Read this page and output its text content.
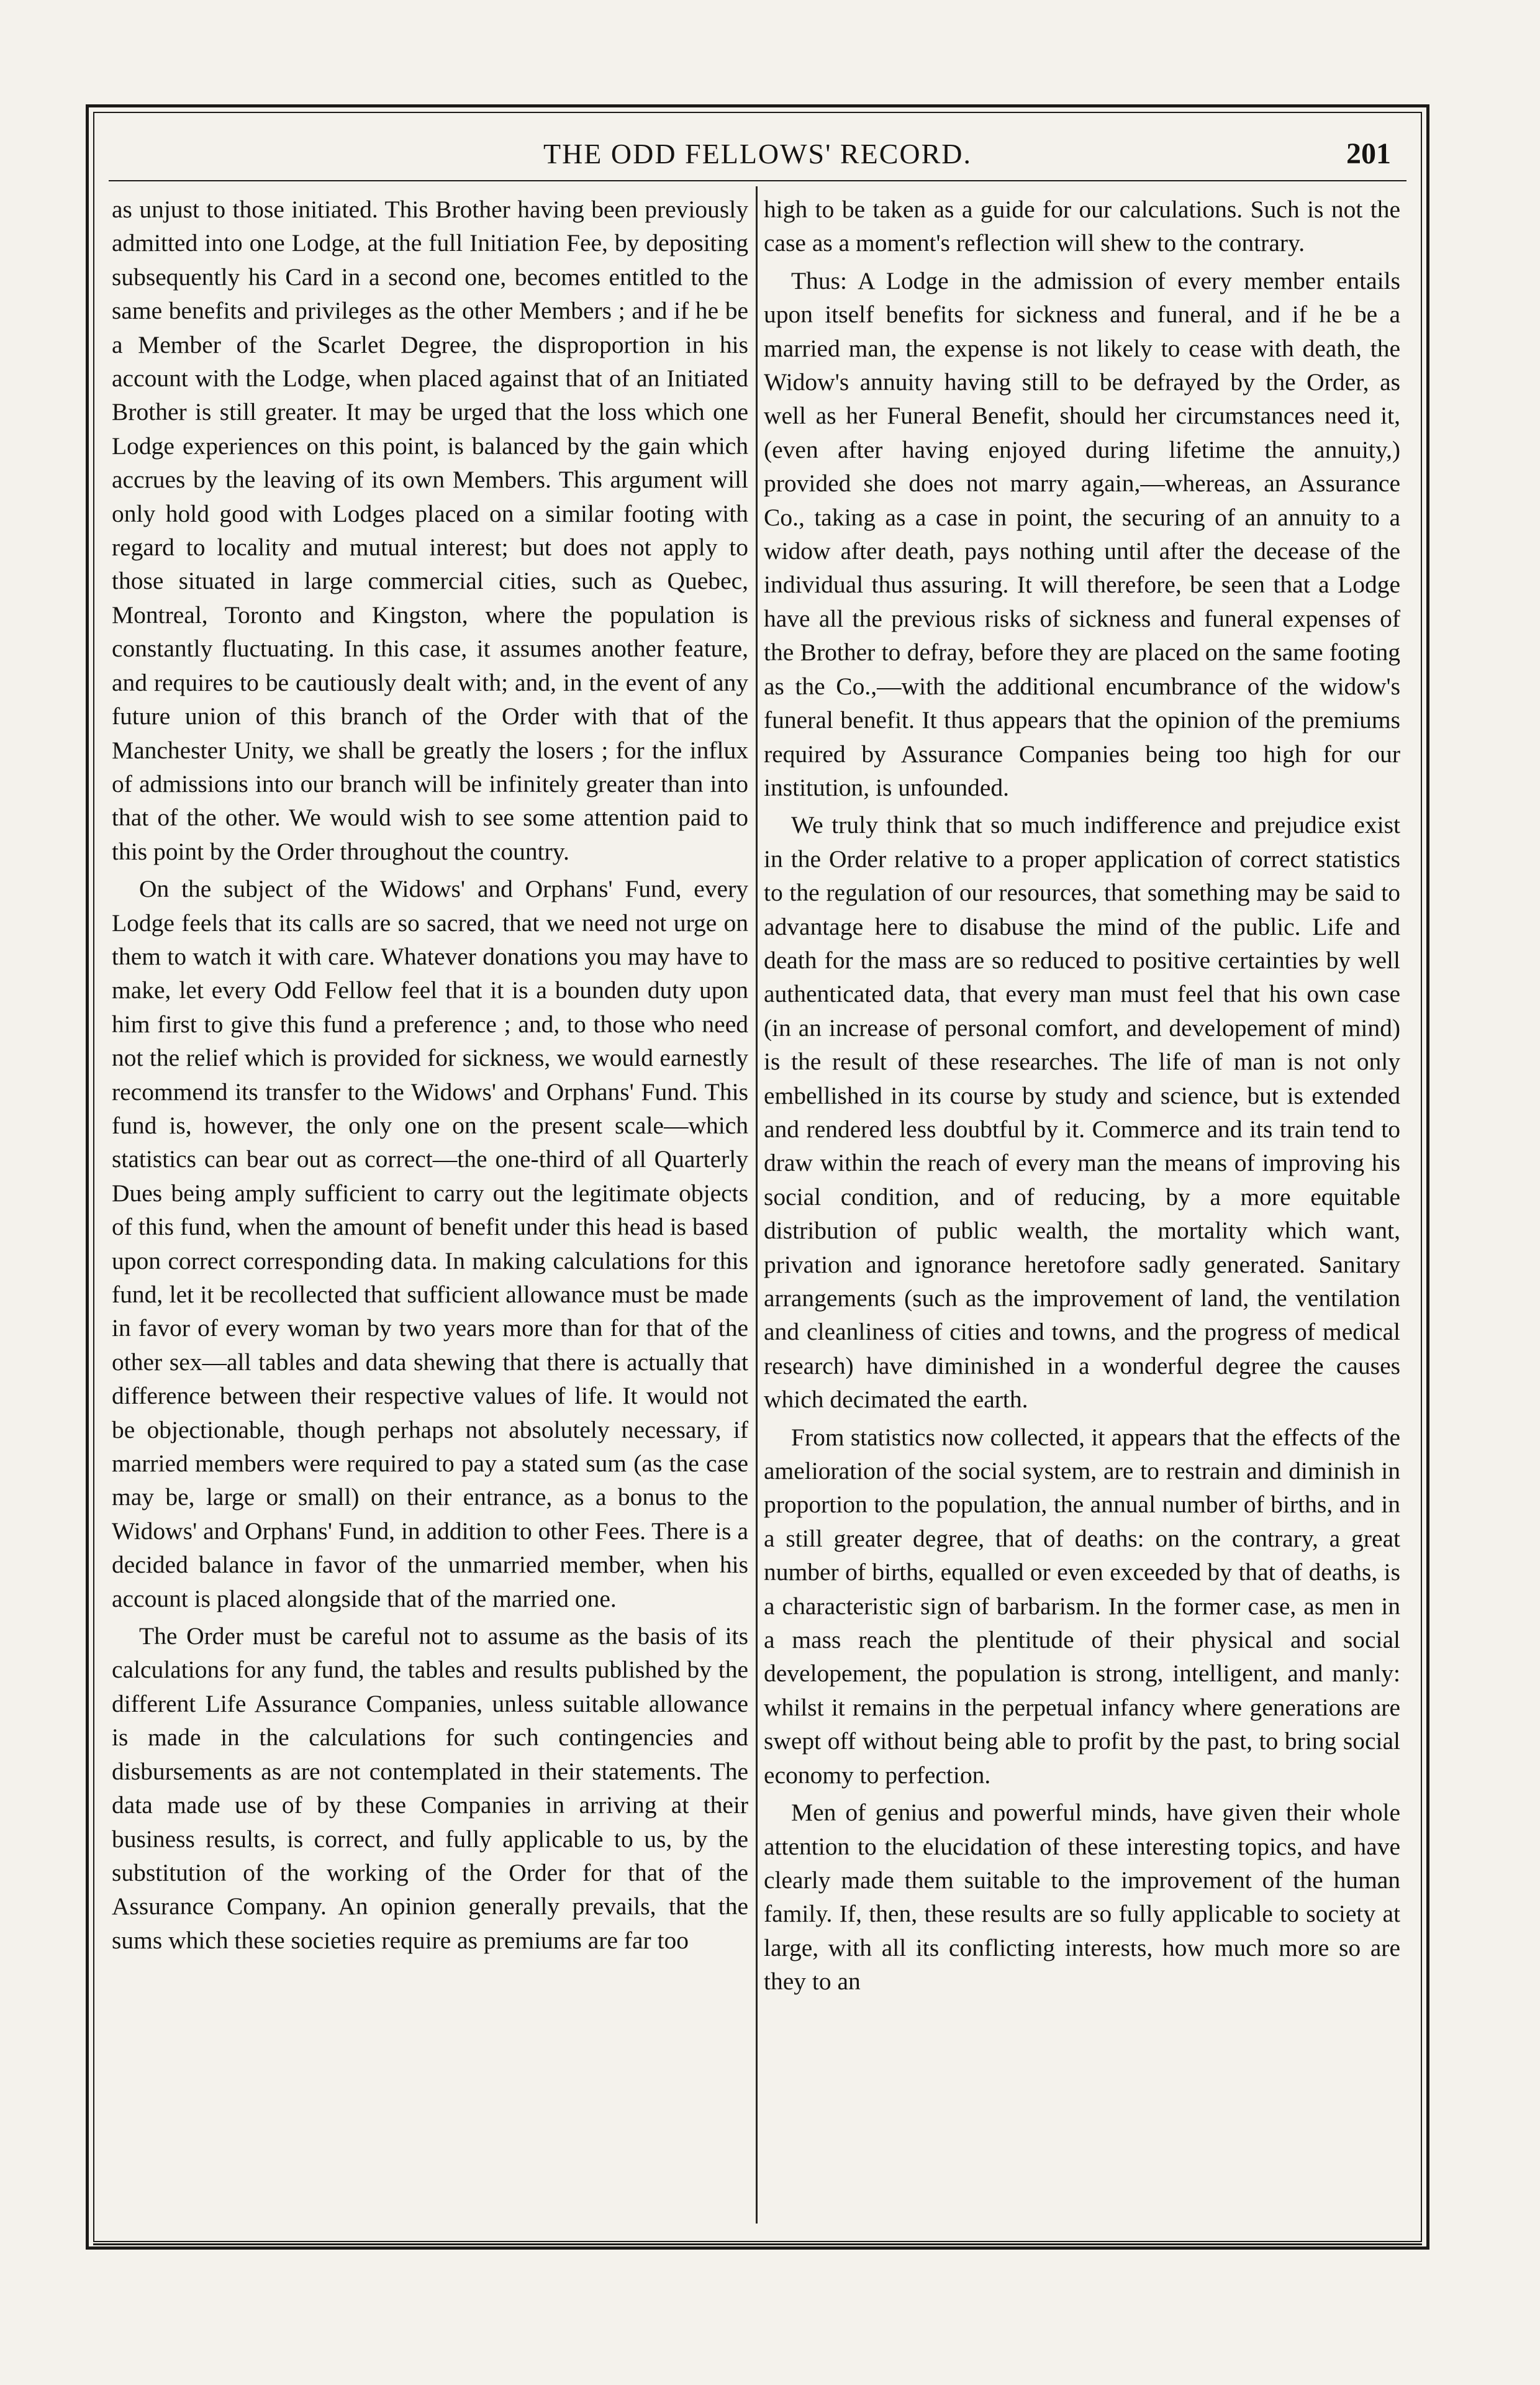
THE ODD FELLOWS' RECORD.	201

as unjust to those initiated. This Brother having been previously admitted into one Lodge, at the full Initiation Fee, by depositing subsequently his Card in a second one, becomes entitled to the same benefits and privileges as the other Members ; and if he be a Member of the Scarlet Degree, the disproportion in his account with the Lodge, when placed against that of an Initiated Brother is still greater. It may be urged that the loss which one Lodge experiences on this point, is balanced by the gain which accrues by the leaving of its own Members. This argument will only hold good with Lodges placed on a similar footing with regard to locality and mutual interest; but does not apply to those situated in large commercial cities, such as Quebec, Montreal, Toronto and Kingston, where the population is constantly fluctuating. In this case, it assumes another feature, and requires to be cautiously dealt with; and, in the event of any future union of this branch of the Order with that of the Manchester Unity, we shall be greatly the losers ; for the influx of admissions into our branch will be infinitely greater than into that of the other. We would wish to see some attention paid to this point by the Order throughout the country.

On the subject of the Widows' and Orphans' Fund, every Lodge feels that its calls are so sacred, that we need not urge on them to watch it with care. Whatever donations you may have to make, let every Odd Fellow feel that it is a bounden duty upon him first to give this fund a preference ; and, to those who need not the relief which is provided for sickness, we would earnestly recommend its transfer to the Widows' and Orphans' Fund. This fund is, however, the only one on the present scale—which statistics can bear out as correct—the one-third of all Quarterly Dues being amply sufficient to carry out the legitimate objects of this fund, when the amount of benefit under this head is based upon correct corresponding data. In making calculations for this fund, let it be recollected that sufficient allowance must be made in favor of every woman by two years more than for that of the other sex—all tables and data shewing that there is actually that difference between their respective values of life. It would not be objectionable, though perhaps not absolutely necessary, if married members were required to pay a stated sum (as the case may be, large or small) on their entrance, as a bonus to the Widows' and Orphans' Fund, in addition to other Fees. There is a decided balance in favor of the unmarried member, when his account is placed alongside that of the married one.

The Order must be careful not to assume as the basis of its calculations for any fund, the tables and results published by the different Life Assurance Companies, unless suitable allowance is made in the calculations for such contingencies and disbursements as are not contemplated in their statements. The data made use of by these Companies in arriving at their business results, is correct, and fully applicable to us, by the substitution of the working of the Order for that of the Assurance Company. An opinion generally prevails, that the sums which these societies require as premiums are far too

high to be taken as a guide for our calculations. Such is not the case as a moment's reflection will shew to the contrary.

Thus: A Lodge in the admission of every member entails upon itself benefits for sickness and funeral, and if he be a married man, the expense is not likely to cease with death, the Widow's annuity having still to be defrayed by the Order, as well as her Funeral Benefit, should her circumstances need it, (even after having enjoyed during lifetime the annuity,) provided she does not marry again,—whereas, an Assurance Co., taking as a case in point, the securing of an annuity to a widow after death, pays nothing until after the decease of the individual thus assuring. It will therefore, be seen that a Lodge have all the previous risks of sickness and funeral expenses of the Brother to defray, before they are placed on the same footing as the Co.,—with the additional encumbrance of the widow's funeral benefit. It thus appears that the opinion of the premiums required by Assurance Companies being too high for our institution, is unfounded.

We truly think that so much indifference and prejudice exist in the Order relative to a proper application of correct statistics to the regulation of our resources, that something may be said to advantage here to disabuse the mind of the public. Life and death for the mass are so reduced to positive certainties by well authenticated data, that every man must feel that his own case (in an increase of personal comfort, and developement of mind) is the result of these researches. The life of man is not only embellished in its course by study and science, but is extended and rendered less doubtful by it. Commerce and its train tend to draw within the reach of every man the means of improving his social condition, and of reducing, by a more equitable distribution of public wealth, the mortality which want, privation and ignorance heretofore sadly generated. Sanitary arrangements (such as the improvement of land, the ventilation and cleanliness of cities and towns, and the progress of medical research) have diminished in a wonderful degree the causes which decimated the earth.

From statistics now collected, it appears that the effects of the amelioration of the social system, are to restrain and diminish in proportion to the population, the annual number of births, and in a still greater degree, that of deaths: on the contrary, a great number of births, equalled or even exceeded by that of deaths, is a characteristic sign of barbarism. In the former case, as men in a mass reach the plentitude of their physical and social developement, the population is strong, intelligent, and manly: whilst it remains in the perpetual infancy where generations are swept off without being able to profit by the past, to bring social economy to perfection.

Men of genius and powerful minds, have given their whole attention to the elucidation of these interesting topics, and have clearly made them suitable to the improvement of the human family. If, then, these results are so fully applicable to society at large, with all its conflicting interests, how much more so are they to an
